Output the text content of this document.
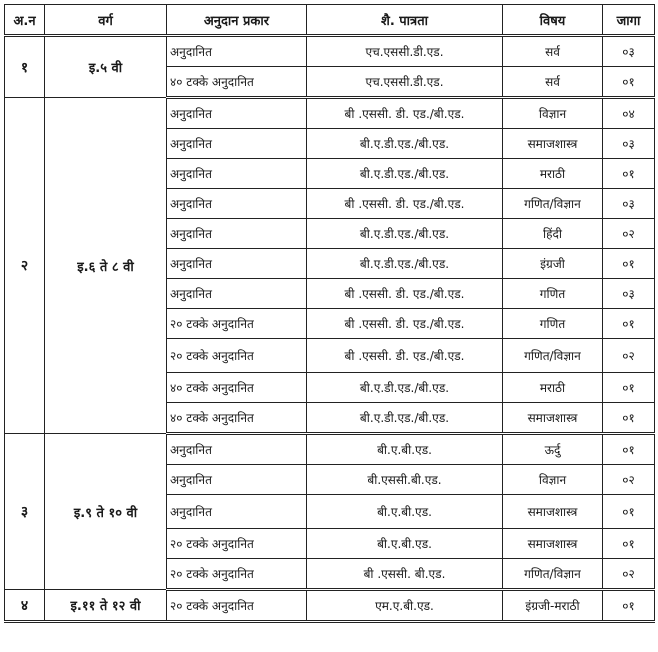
अ.न	वर्ग	अनुदान प्रकार	शै. पात्रता	विषय	जागा
१	इ.५ वी	अनुदानित	एच.एससी.डी.एड.	सर्व	०३
		४० टक्के अनुदानित	एच.एससी.डी.एड.	सर्व	०१
२	इ.६ ते ८ वी	अनुदानित	बी .एससी. डी. एड./बी.एड.	विज्ञान	०४
		अनुदानित	बी.ए.डी.एड./बी.एड.	समाजशास्त्र	०३
		अनुदानित	बी.ए.डी.एड./बी.एड.	मराठी	०१
		अनुदानित	बी .एससी. डी. एड./बी.एड.	गणित/विज्ञान	०३
		अनुदानित	बी.ए.डी.एड./बी.एड.	हिंदी	०२
		अनुदानित	बी.ए.डी.एड./बी.एड.	इंग्रजी	०१
		अनुदानित	बी .एससी. डी. एड./बी.एड.	गणित	०३
		२० टक्के अनुदानित	बी .एससी. डी. एड./बी.एड.	गणित	०१
		२० टक्के अनुदानित	बी .एससी. डी. एड./बी.एड.	गणित/विज्ञान	०२
		४० टक्के अनुदानित	बी.ए.डी.एड./बी.एड.	मराठी	०१
		४० टक्के अनुदानित	बी.ए.डी.एड./बी.एड.	समाजशास्त्र	०१
३	इ.९ ते १० वी	अनुदानित	बी.ए.बी.एड.	ऊर्दु	०१
		अनुदानित	बी.एससी.बी.एड.	विज्ञान	०२
		अनुदानित	बी.ए.बी.एड.	समाजशास्त्र	०१
		२० टक्के अनुदानित	बी.ए.बी.एड.	समाजशास्त्र	०१
		२० टक्के अनुदानित	बी .एससी. बी.एड.	गणित/विज्ञान	०२
४	इ.११ ते १२ वी	२० टक्के अनुदानित	एम.ए.बी.एड.	इंग्रजी-मराठी	०१
